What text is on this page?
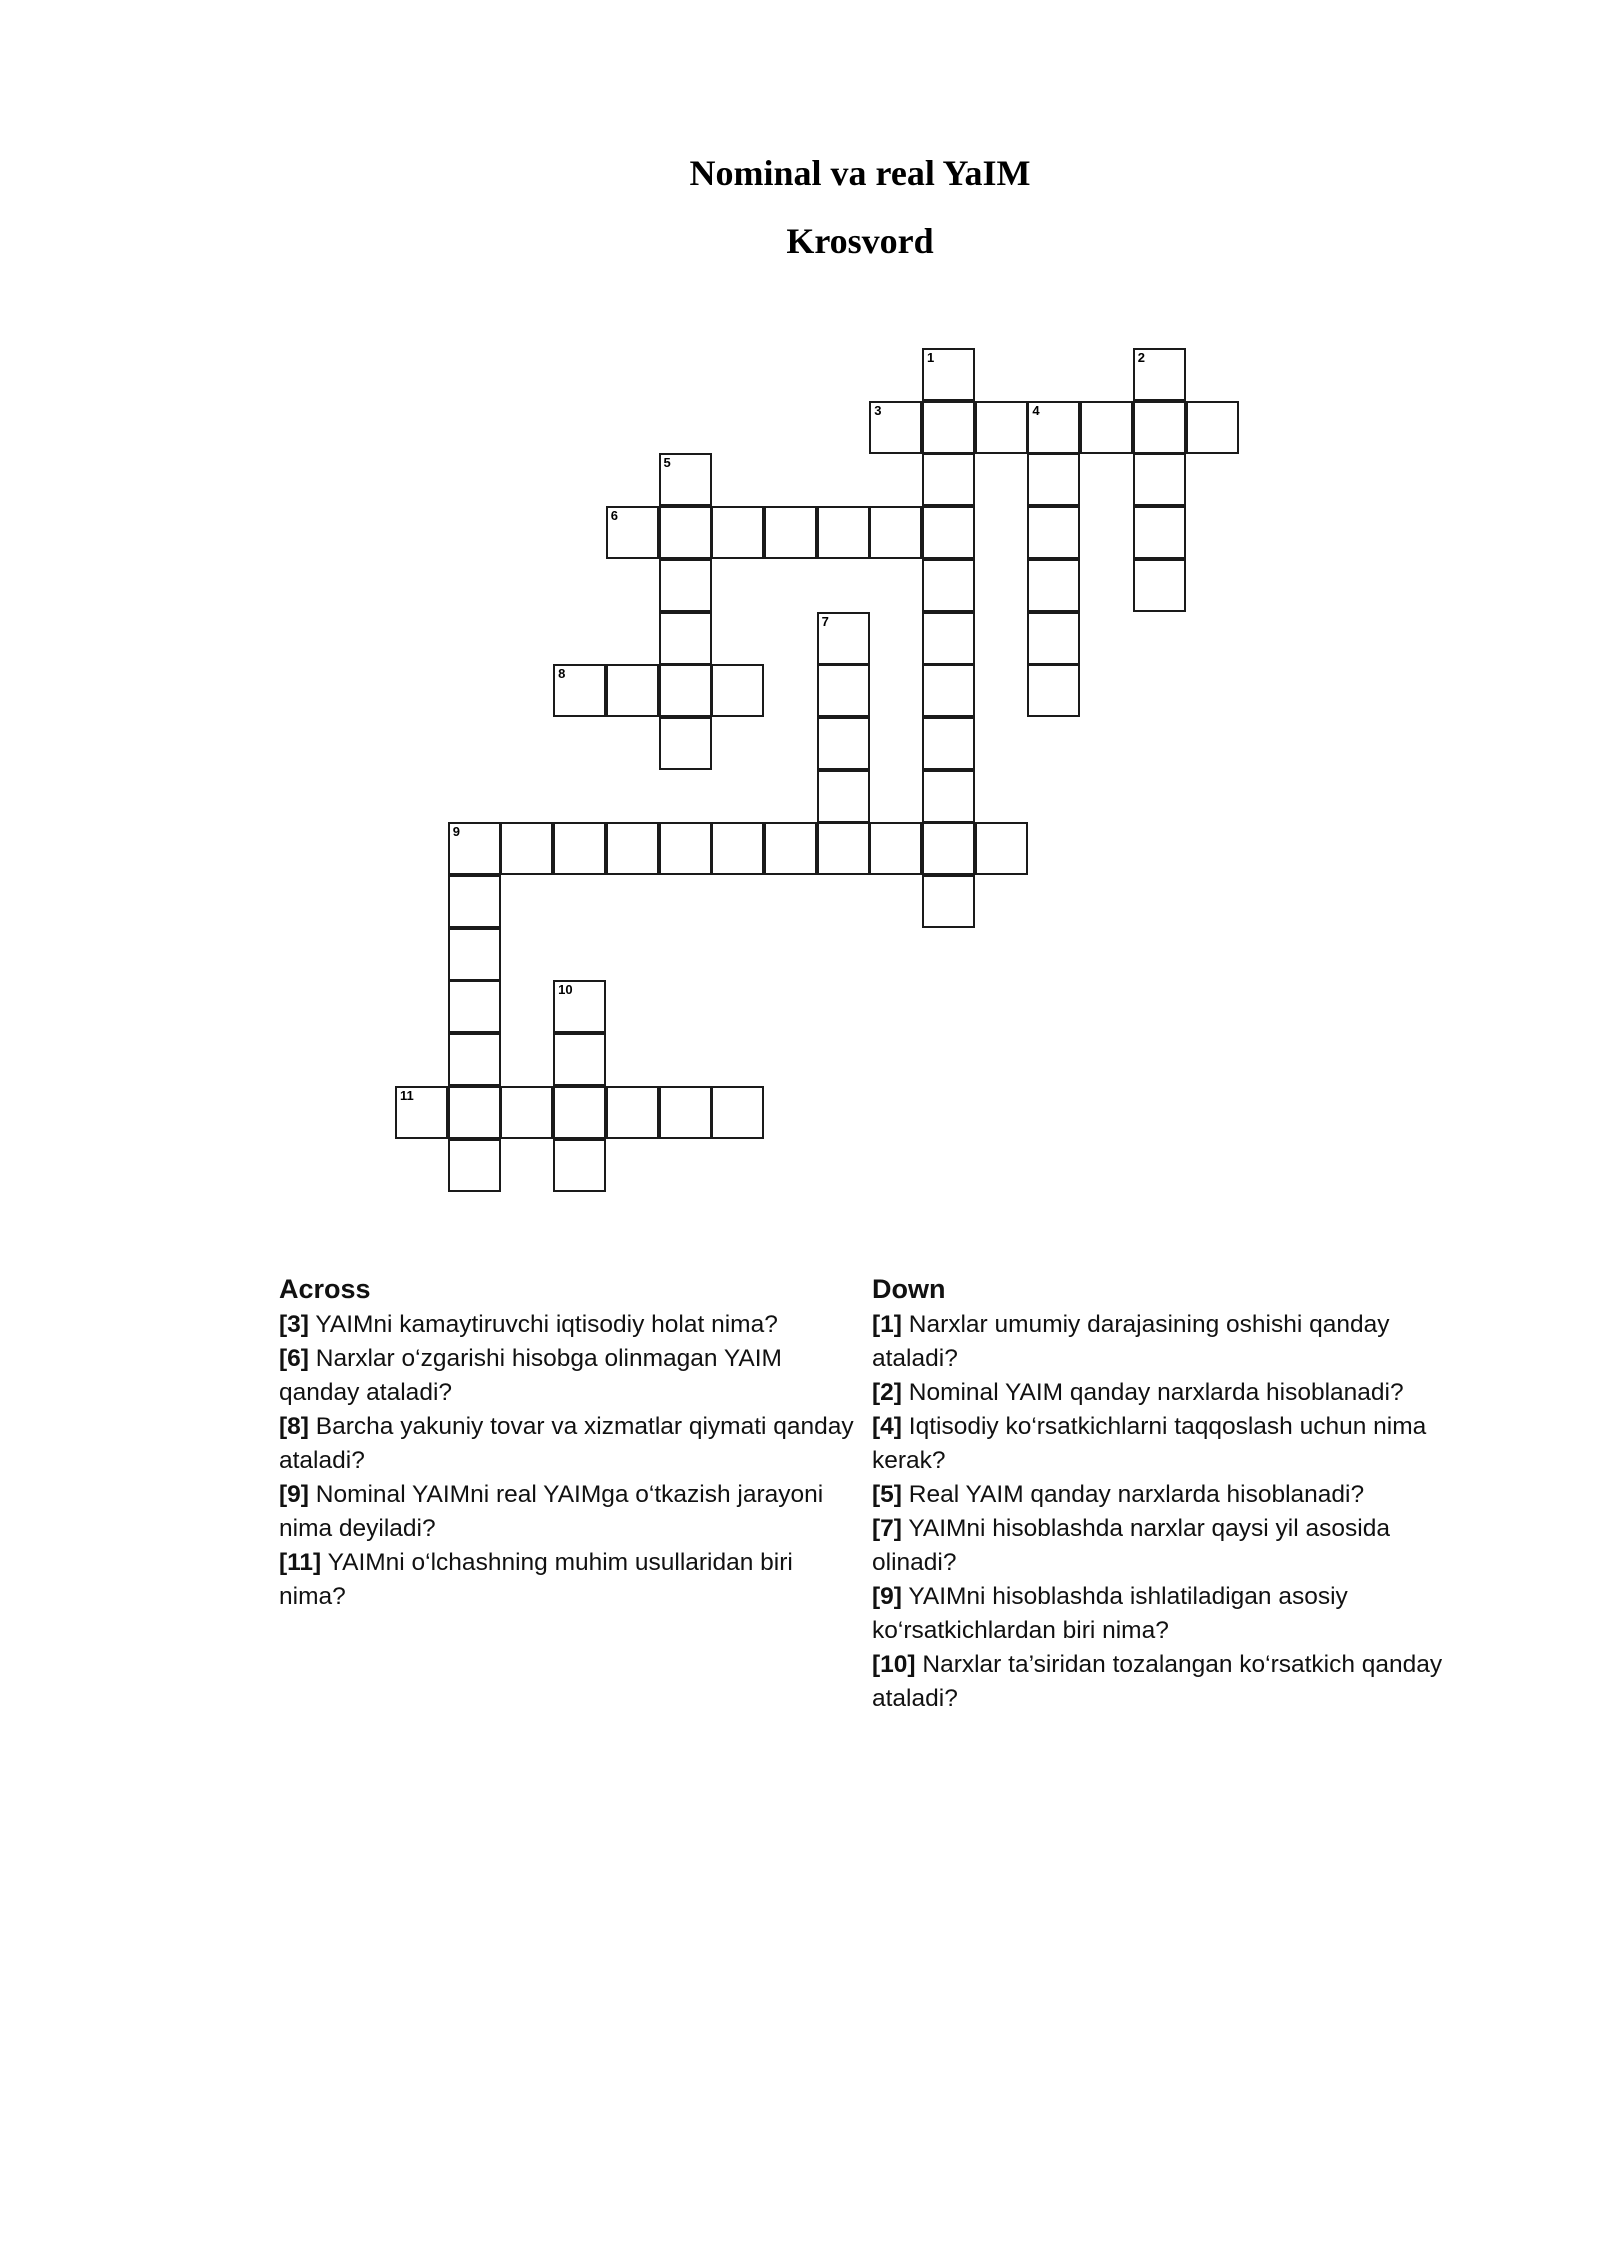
Nominal va real YaIM
Krosvord
1	2
3	4
5
6
7
8
9
10
11
Across

[3] YAIMni kamaytiruvchi iqtisodiy holat nima?

[6] Narxlar o‘zgarishi hisobga olinmagan YAIM qanday ataladi?

[8] Barcha yakuniy tovar va xizmatlar qiymati qanday ataladi?

[9] Nominal YAIMni real YAIMga o‘tkazish jarayoni nima deyiladi?

[11] YAIMni o‘lchashning muhim usullaridan biri nima?

Down

[1] Narxlar umumiy darajasining oshishi qanday ataladi?

[2] Nominal YAIM qanday narxlarda hisoblanadi?

[4] Iqtisodiy ko‘rsatkichlarni taqqoslash uchun nima kerak?

[5] Real YAIM qanday narxlarda hisoblanadi?

[7] YAIMni hisoblashda narxlar qaysi yil asosida olinadi?

[9] YAIMni hisoblashda ishlatiladigan asosiy ko‘rsatkichlardan biri nima?

[10] Narxlar ta’siridan tozalangan ko‘rsatkich qanday ataladi?
